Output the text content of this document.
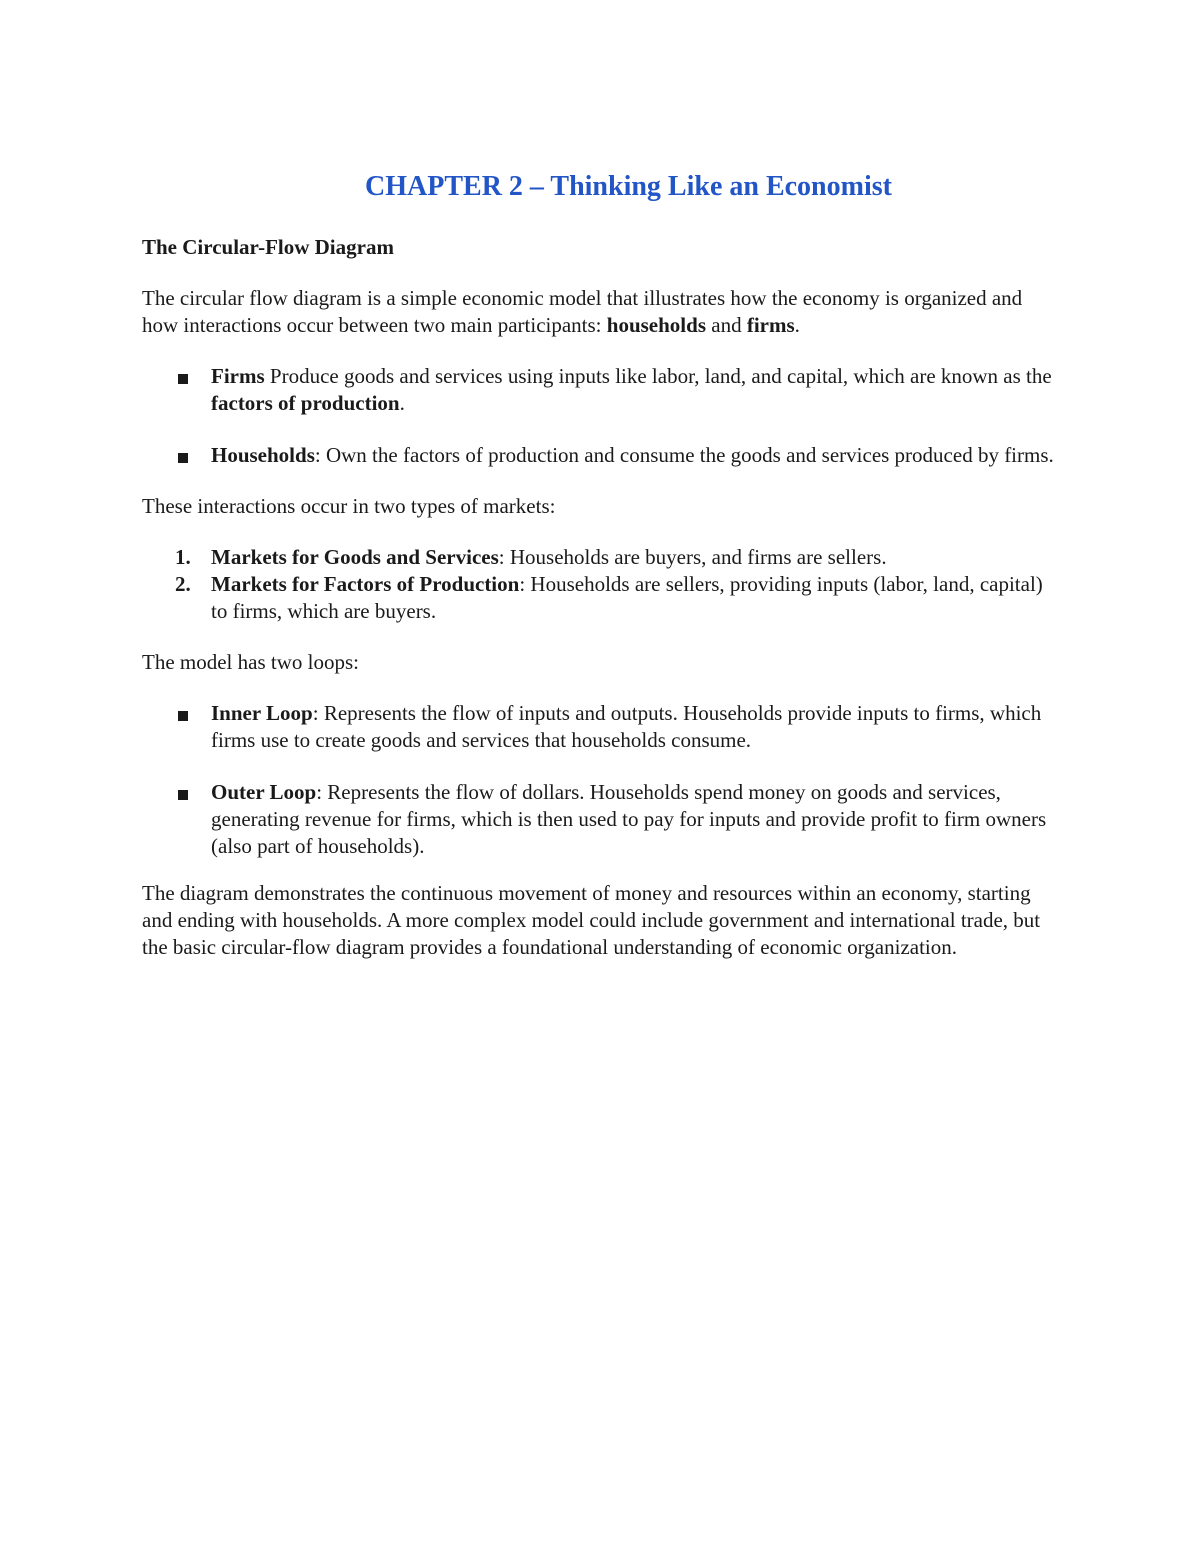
CHAPTER 2 – Thinking Like an Economist

The Circular-Flow Diagram

The circular flow diagram is a simple economic model that illustrates how the economy is organized and how interactions occur between two main participants: households and firms.

Firms Produce goods and services using inputs like labor, land, and capital, which are known as the factors of production.
Households: Own the factors of production and consume the goods and services produced by firms.

These interactions occur in two types of markets:

1. Markets for Goods and Services: Households are buyers, and firms are sellers.
2. Markets for Factors of Production: Households are sellers, providing inputs (labor, land, capital) to firms, which are buyers.

The model has two loops:

Inner Loop: Represents the flow of inputs and outputs. Households provide inputs to firms, which firms use to create goods and services that households consume.
Outer Loop: Represents the flow of dollars. Households spend money on goods and services, generating revenue for firms, which is then used to pay for inputs and provide profit to firm owners (also part of households).

The diagram demonstrates the continuous movement of money and resources within an economy, starting and ending with households. A more complex model could include government and international trade, but the basic circular-flow diagram provides a foundational understanding of economic organization.
